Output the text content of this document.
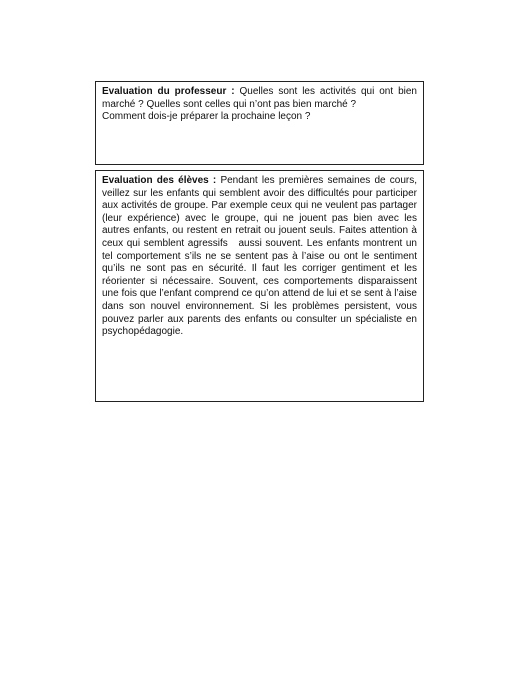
Evaluation du professeur : Quelles sont les activités qui ont bien marché ? Quelles sont celles qui n’ont pas bien marché ?

Comment dois-je préparer la prochaine leçon ?

Evaluation des élèves : Pendant les premières semaines de cours, veillez sur les enfants qui semblent avoir des difficultés pour participer aux activités de groupe. Par exemple ceux qui ne veulent pas partager (leur expérience) avec le groupe, qui ne jouent pas bien avec les autres enfants, ou restent en retrait ou jouent seuls. Faites attention à ceux qui semblent agressifs   aussi souvent. Les enfants montrent un tel comportement s’ils ne se sentent pas à l’aise ou ont le sentiment qu’ils ne sont pas en sécurité. Il faut les corriger gentiment et les réorienter si nécessaire. Souvent, ces comportements disparaissent une fois que l’enfant comprend ce qu’on attend de lui et se sent à l’aise dans son nouvel environnement. Si les problèmes persistent, vous pouvez parler aux parents des enfants ou consulter un spécialiste en psychopédagogie.
